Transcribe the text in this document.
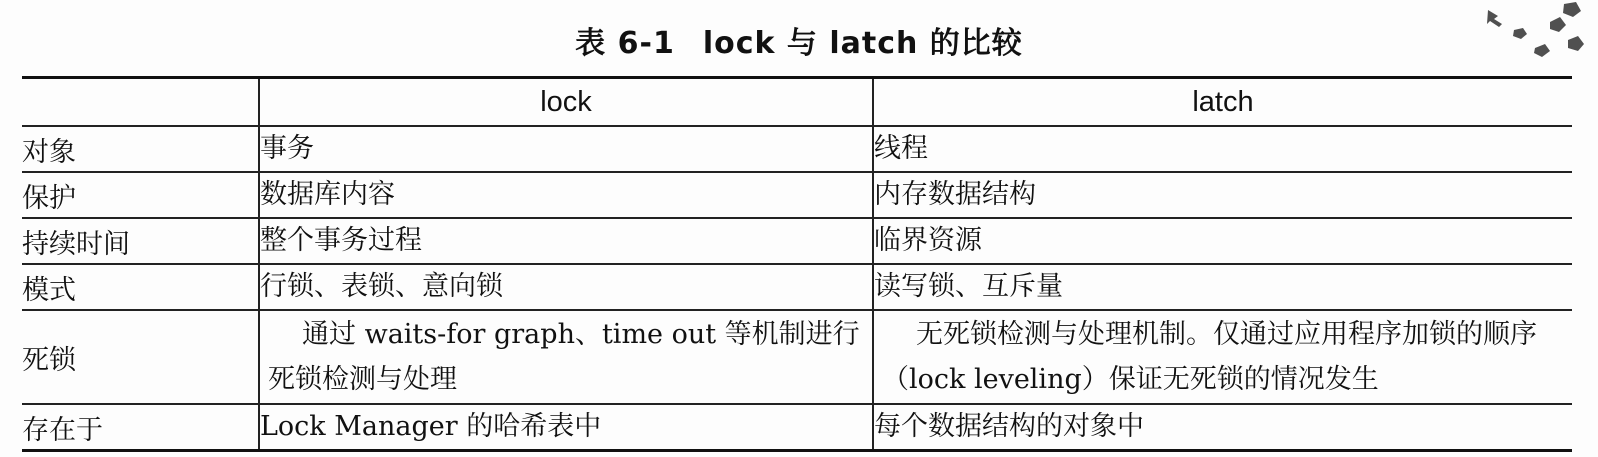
表 6-1 lock 与 latch 的比较
	lock	latch
对象	事务	线程
保护	数据库内容	内存数据结构
持续时间	整个事务过程	临界资源
模式	行锁、表锁、意向锁	读写锁、互斥量
死锁	通过 waits-for graph、time out 等机制进行死锁检测与处理	无死锁检测与处理机制。仅通过应用程序加锁的顺序（lock leveling）保证无死锁的情况发生
存在于	Lock Manager 的哈希表中	每个数据结构的对象中
